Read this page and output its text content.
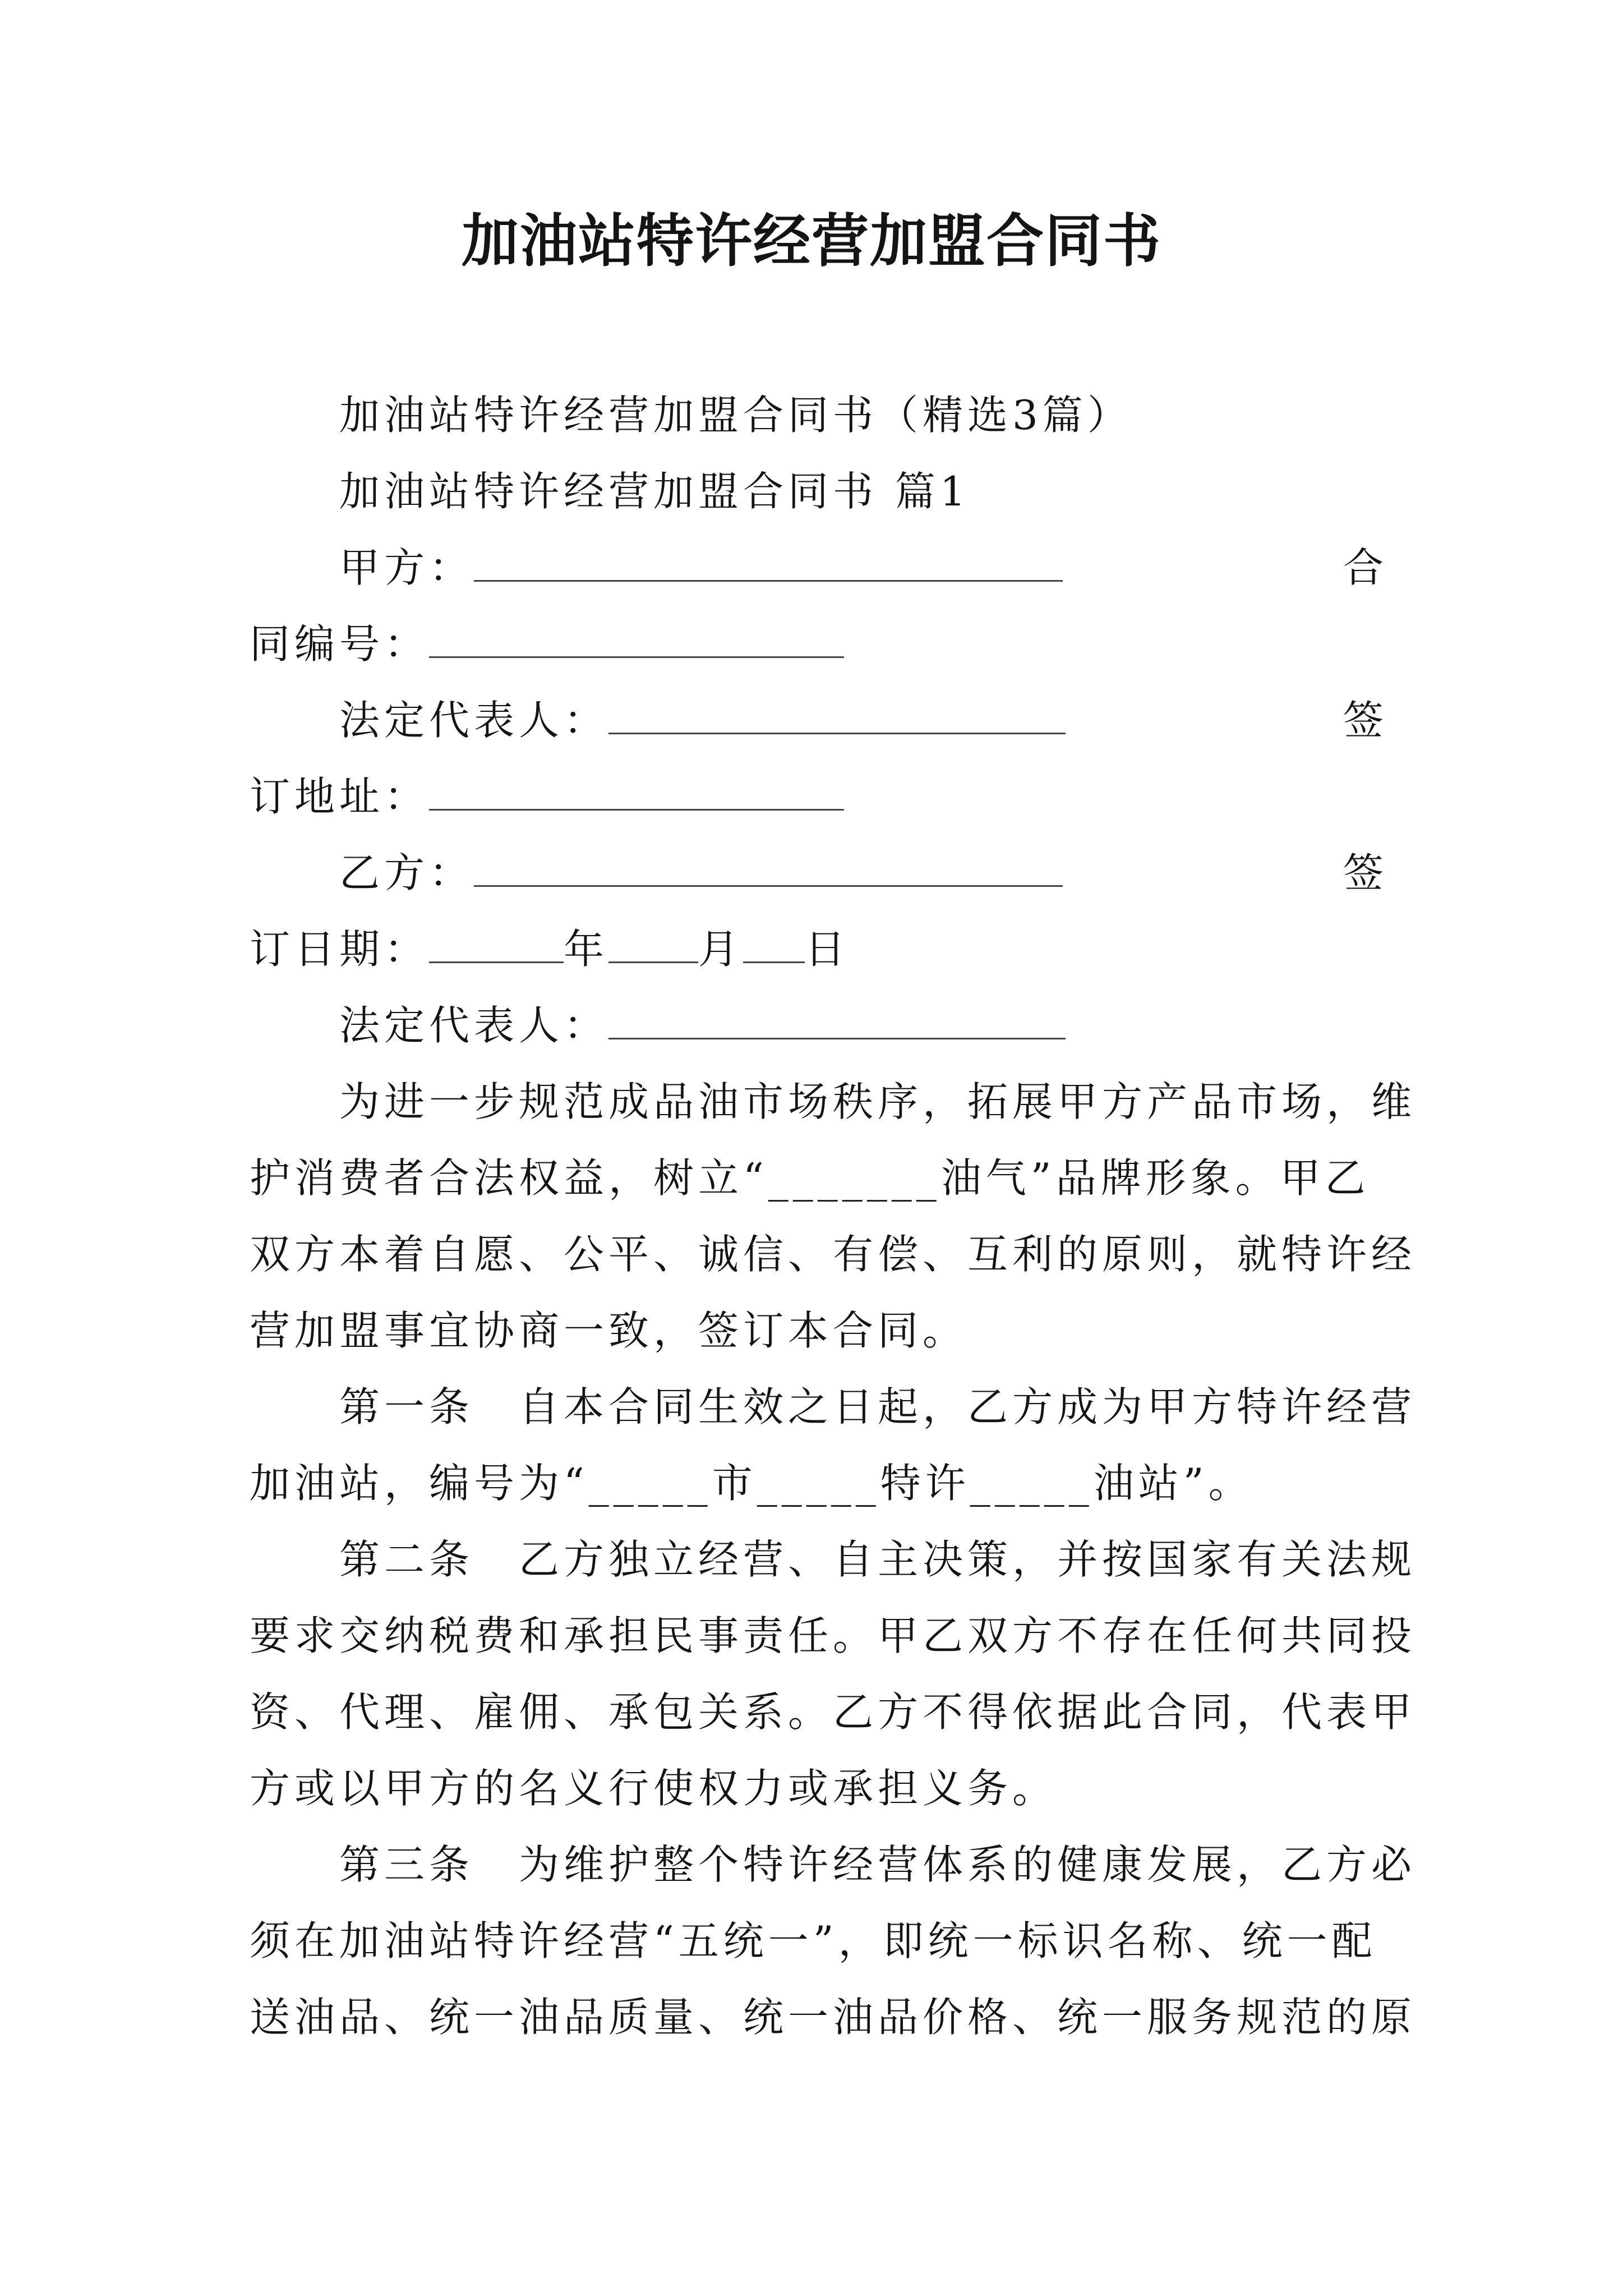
加油站特许经营加盟合同书
加油站特许经营加盟合同书（精选3篇）
加油站特许经营加盟合同书 篇1
甲方：	合
同编号：
法定代表人：	签
订地址：
乙方：	签
订日期：	年 月 日
法定代表人：
为进一步规范成品油市场秩序，拓展甲方产品市场，维
护消费者合法权益，树立“_______油气”品牌形象。甲乙
双方本着自愿、公平、诚信、有偿、互利的原则，就特许经
营加盟事宜协商一致，签订本合同。
第一条　自本合同生效之日起，乙方成为甲方特许经营
加油站，编号为“_____市_____特许_____油站”。
第二条　乙方独立经营、自主决策，并按国家有关法规
要求交纳税费和承担民事责任。甲乙双方不存在任何共同投
资、代理、雇佣、承包关系。乙方不得依据此合同，代表甲
方或以甲方的名义行使权力或承担义务。
第三条　为维护整个特许经营体系的健康发展，乙方必
须在加油站特许经营“五统一”，即统一标识名称、统一配
送油品、统一油品质量、统一油品价格、统一服务规范的原
